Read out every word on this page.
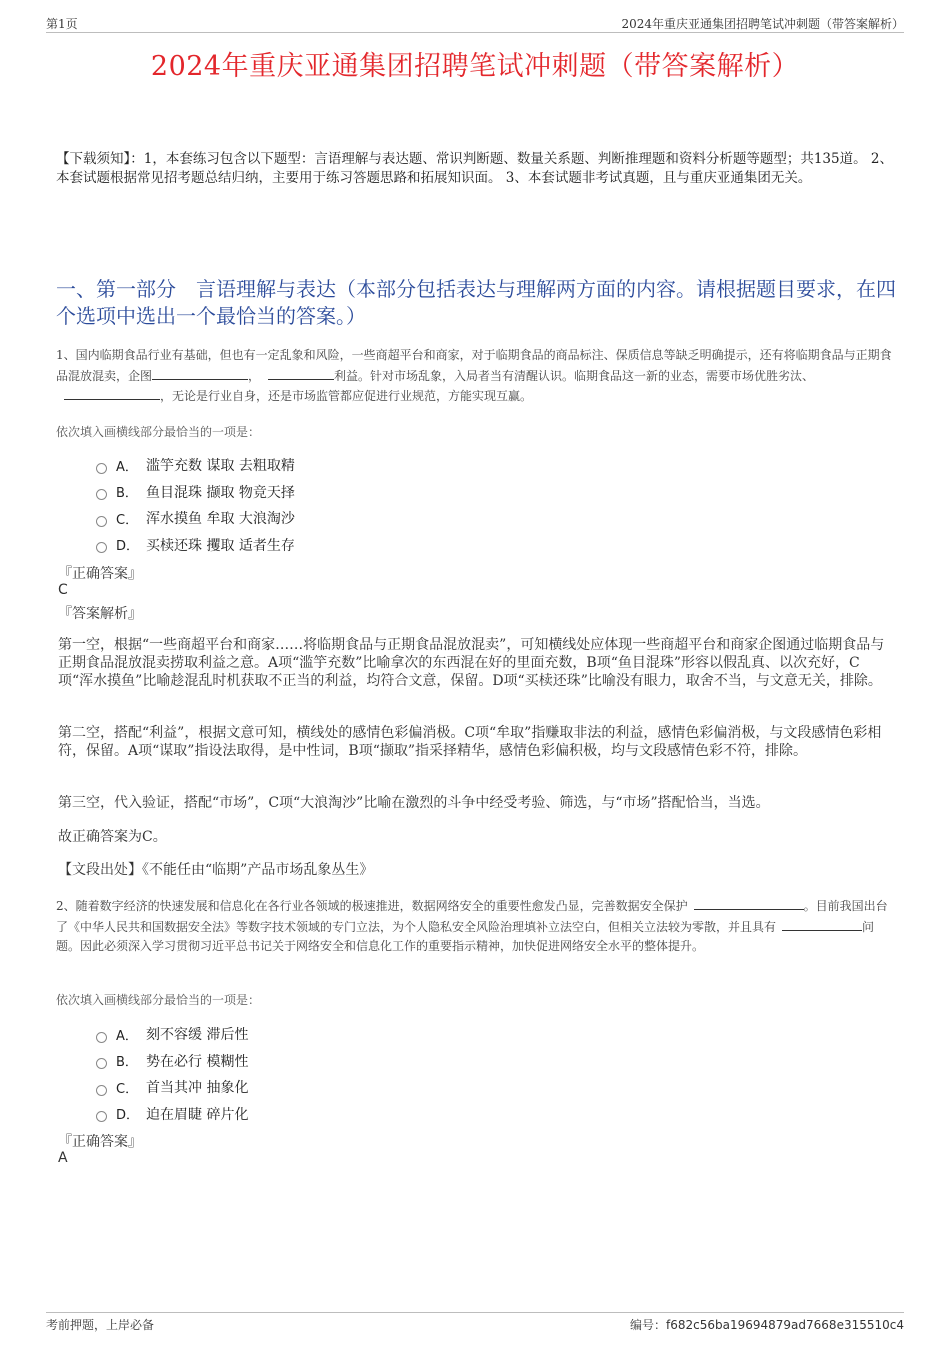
第1页	2024年重庆亚通集团招聘笔试冲刺题（带答案解析）
2024年重庆亚通集团招聘笔试冲刺题（带答案解析）

【下载须知】：1，本套练习包含以下题型：言语理解与表达题、常识判断题、数量关系题、判断推理题和资料分析题等题型；共135道。 2、本套试题根据常见招考题总结归纳，主要用于练习答题思路和拓展知识面。 3、本套试题非考试真题，且与重庆亚通集团无关。

一、第一部分　言语理解与表达（本部分包括表达与理解两方面的内容。请根据题目要求，在四个选项中选出一个最恰当的答案。）

1、国内临期食品行业有基础，但也有一定乱象和风险，一些商超平台和商家，对于临期食品的商品标注、保质信息等缺乏明确提示，还有将临期食品与正期食品混放混卖，企图	，	利益。针对市场乱象，入局者当有清醒认识。临期食品这一新的业态，需要市场优胜劣汰、，无论是行业自身，还是市场监管都应促进行业规范，方能实现互赢。

依次填入画横线部分最恰当的一项是：

A． 滥竽充数 谋取 去粗取精
B． 鱼目混珠 撷取 物竞天择
C． 浑水摸鱼 牟取 大浪淘沙
D． 买椟还珠 攫取 适者生存
『正确答案』
C
『答案解析』

第一空，根据“一些商超平台和商家……将临期食品与正期食品混放混卖”，可知横线处应体现一些商超平台和商家企图通过临期食品与正期食品混放混卖捞取利益之意。A项“滥竽充数”比喻拿次的东西混在好的里面充数，B项“鱼目混珠”形容以假乱真、以次充好，C项“浑水摸鱼”比喻趁混乱时机获取不正当的利益，均符合文意，保留。D项“买椟还珠”比喻没有眼力，取舍不当，与文意无关，排除。

第二空，搭配“利益”，根据文意可知，横线处的感情色彩偏消极。C项“牟取”指赚取非法的利益，感情色彩偏消极，与文段感情色彩相符，保留。A项“谋取”指设法取得，是中性词，B项“撷取”指采择精华，感情色彩偏积极，均与文段感情色彩不符，排除。

第三空，代入验证，搭配“市场”，C项“大浪淘沙”比喻在激烈的斗争中经受考验、筛选，与“市场”搭配恰当，当选。

故正确答案为C。

【文段出处】《不能任由“临期”产品市场乱象丛生》

2、随着数字经济的快速发展和信息化在各行业各领域的极速推进，数据网络安全的重要性愈发凸显，完善数据安全保护	。目前我国出台了《中华人民共和国数据安全法》等数字技术领域的专门立法，为个人隐私安全风险治理填补立法空白，但相关立法较为零散，并且具有	问题。因此必须深入学习贯彻习近平总书记关于网络安全和信息化工作的重要指示精神，加快促进网络安全水平的整体提升。

依次填入画横线部分最恰当的一项是：

A． 刻不容缓 滞后性
B． 势在必行 模糊性
C． 首当其冲 抽象化
D． 迫在眉睫 碎片化
『正确答案』
A
考前押题，上岸必备	编号：f682c56ba19694879ad7668e315510c4
